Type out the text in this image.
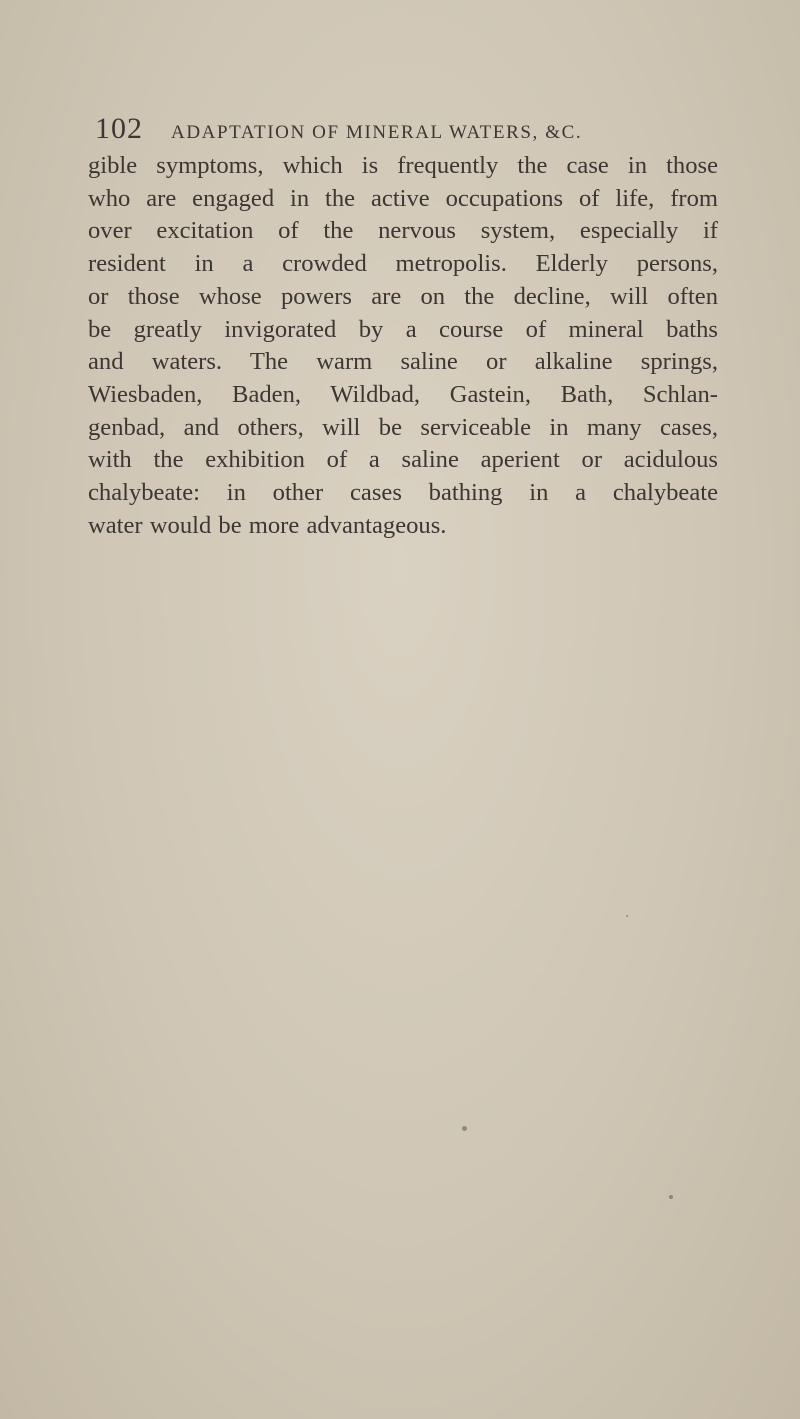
102 ADAPTATION OF MINERAL WATERS, &C.

gible symptoms, which is frequently the case in those
who are engaged in the active occupations of life, from
over excitation of the nervous system, especially if
resident in a crowded metropolis. Elderly persons,
or those whose powers are on the decline, will often
be greatly invigorated by a course of mineral baths
and waters. The warm saline or alkaline springs,
Wiesbaden, Baden, Wildbad, Gastein, Bath, Schlan-
genbad, and others, will be serviceable in many cases,
with the exhibition of a saline aperient or acidulous
chalybeate: in other cases bathing in a chalybeate
water would be more advantageous.
